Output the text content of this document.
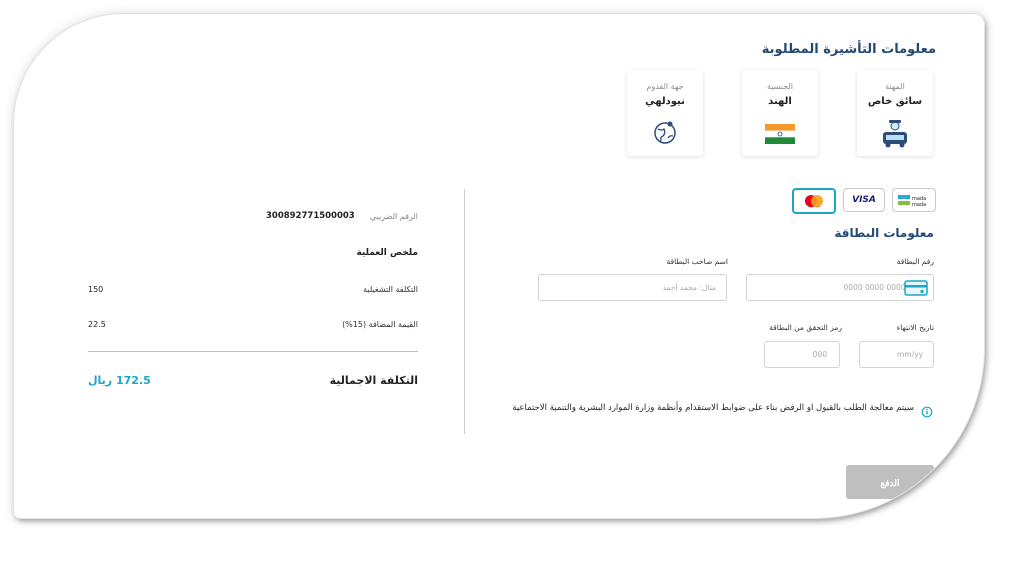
معلومات التأشيرة المطلوبة
المهنة
سائق خاص
الجنسية
الهند
جهة القدوم
نيودلهي
mada
mada
VISA
mastercard
معلومات البطاقة
رقم البطاقة
0000 0000 0000 0000
اسم صاحب البطاقة
مثال: محمد أحمد
تاريخ الانتهاء
mm/yy
رمز التحقق من البطاقة
000
سيتم معالجة الطلب بالقبول او الرفض بناء على ضوابط الاستقدام وأنظمة وزارة الموارد البشرية والتنمية الاجتماعية
الدفع
الرقم الضريبي
300892771500003
ملخص العملية
التكلفة التشغيلية
150
القيمة المضافة (15%)
22.5
التكلفة الاجمالية
172.5 ريال
